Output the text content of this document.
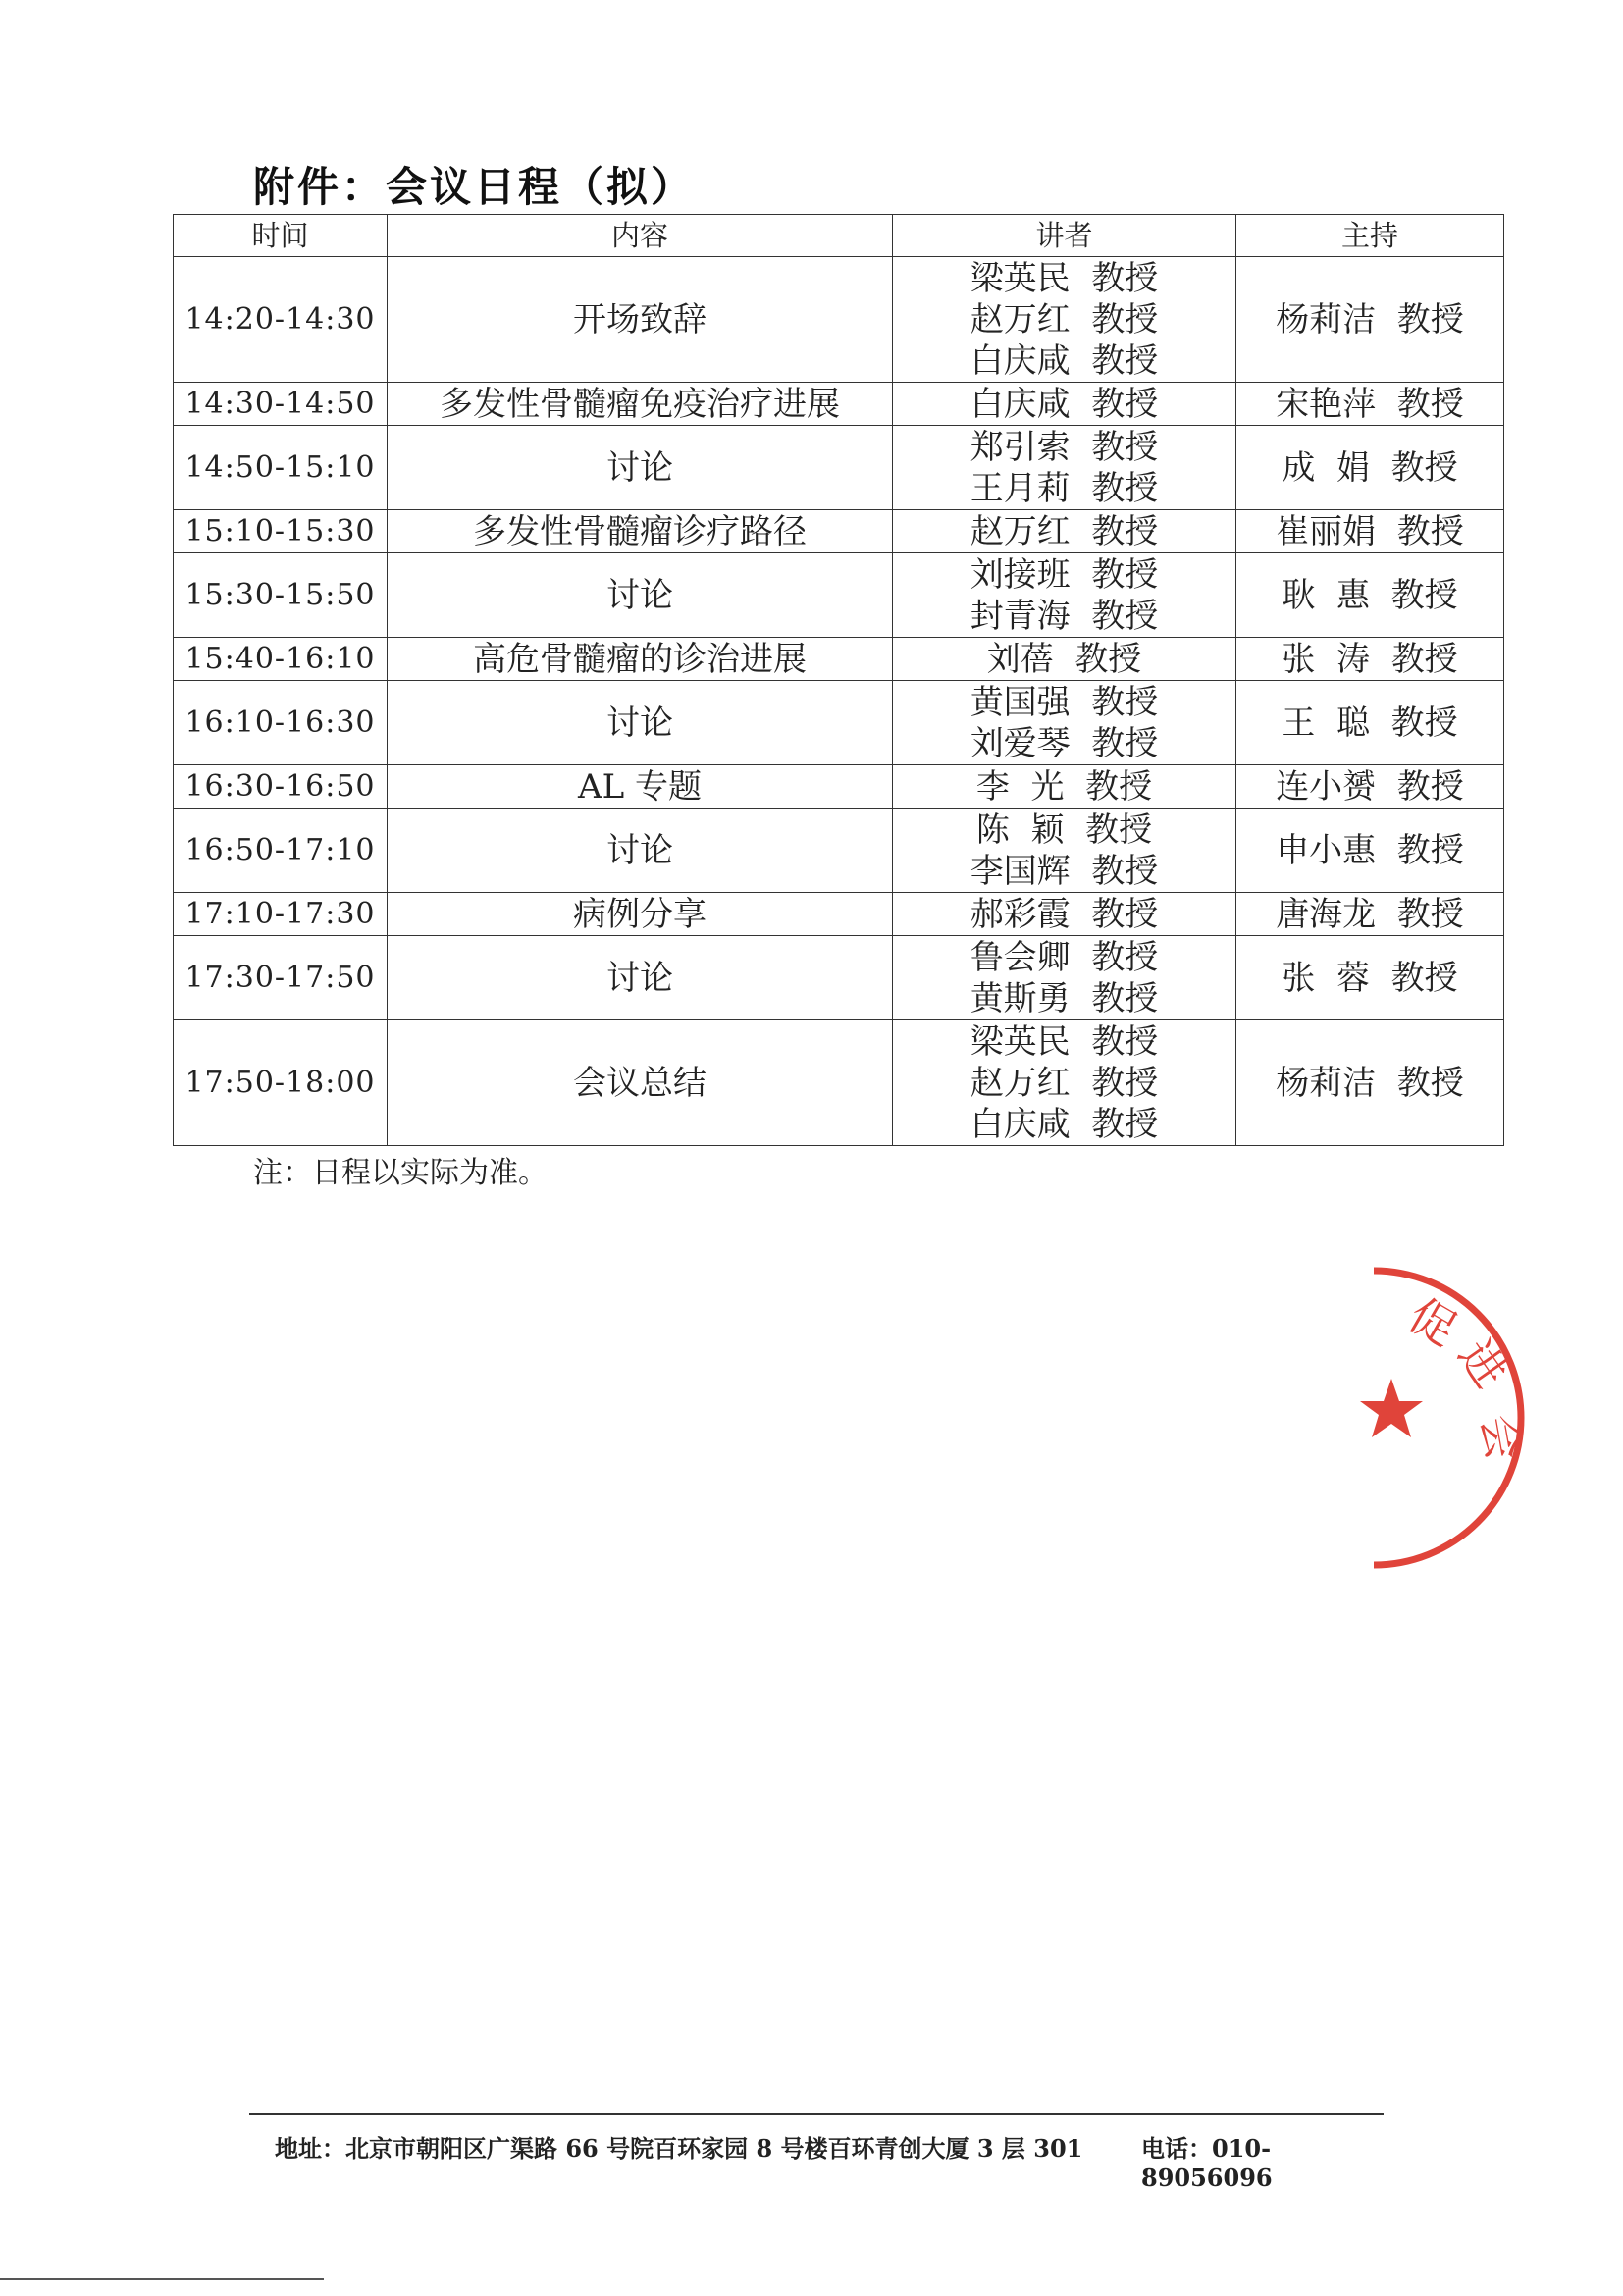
附件：会议日程（拟）
时间	内容	讲者	主持
14:20-14:30	开场致辞	梁英民  教授
赵万红  教授
白庆咸  教授	杨莉洁  教授
14:30-14:50	多发性骨髓瘤免疫治疗进展	白庆咸  教授	宋艳萍  教授
14:50-15:10	讨论	郑引索  教授
王月莉  教授	成  娟  教授
15:10-15:30	多发性骨髓瘤诊疗路径	赵万红  教授	崔丽娟  教授
15:30-15:50	讨论	刘接班  教授
封青海  教授	耿  惠  教授
15:40-16:10	高危骨髓瘤的诊治进展	刘蓓  教授	张  涛  教授
16:10-16:30	讨论	黄国强  教授
刘爱琴  教授	王  聪  教授
16:30-16:50	AL 专题	李  光  教授	连小赟  教授
16:50-17:10	讨论	陈  颖  教授
李国辉  教授	申小惠  教授
17:10-17:30	病例分享	郝彩霞  教授	唐海龙  教授
17:30-17:50	讨论	鲁会卿  教授
黄斯勇  教授	张  蓉  教授
17:50-18:00	会议总结	梁英民  教授
赵万红  教授
白庆咸  教授	杨莉洁  教授
注：日程以实际为准。
地址：北京市朝阳区广渠路 66 号院百环家园 8 号楼百环青创大厦 3 层 301 电话：010-89056096
促
进
会
